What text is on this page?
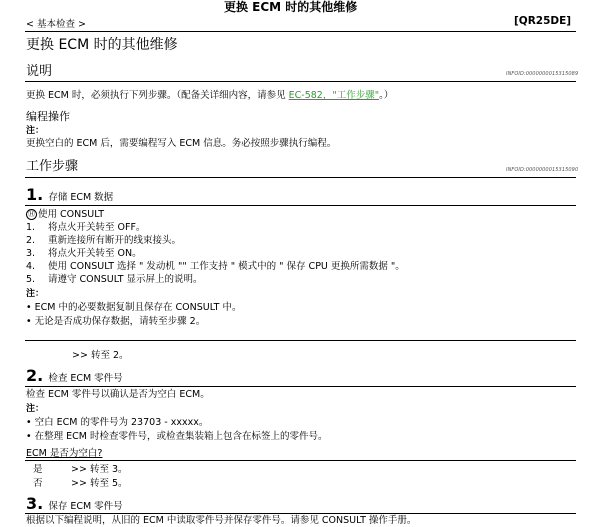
更换 ECM 时的其他维修
< 基本检查 >	[QR25DE]
更换 ECM 时的其他维修
说明	INFOID:0000000015315089
更换 ECM 时，必须执行下列步骤。（配备关详细内容，请参见 EC-582，"工作步骤"。）
编程操作
注：
更换空白的 ECM 后，需要编程写入 ECM 信息。务必按照步骤执行编程。
工作步骤	INFOID:0000000015315090
1. 存储 ECM 数据
Ⓗ 使用 CONSULT
1. 将点火开关转至 OFF。
2. 重新连接所有断开的线束接头。
3. 将点火开关转至 ON。
4. 使用 CONSULT 选择 " 发动机 "" 工作支持 " 模式中的 " 保存 CPU 更换所需数据 "。
5. 请遵守 CONSULT 显示屏上的说明。
注：
• ECM 中的必要数据复制且保存在 CONSULT 中。
• 无论是否成功保存数据，请转至步骤 2。
>> 转至 2。
2. 检查 ECM 零件号
检查 ECM 零件号以确认是否为空白 ECM。
注：
• 空白 ECM 的零件号为 23703 - xxxxx。
• 在整理 ECM 时检查零件号，或检查集装箱上包含在标签上的零件号。
ECM 是否为空白?
是	>> 转至 3。
否	>> 转至 5。
3. 保存 ECM 零件号
根据以下编程说明，从旧的 ECM 中读取零件号并保存零件号。请参见 CONSULT 操作手册。
